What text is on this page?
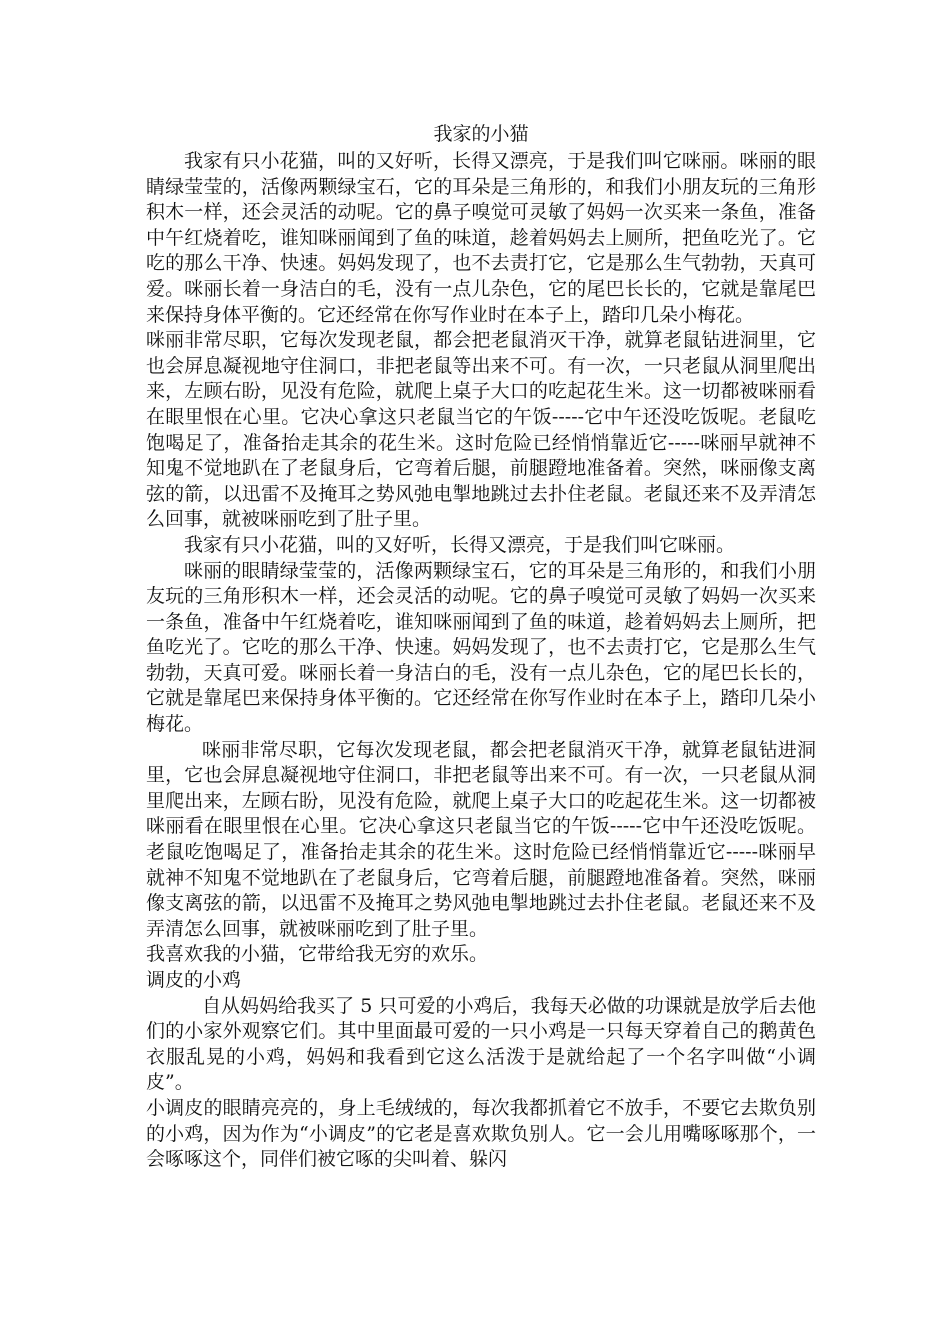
我家的小猫

我家有只小花猫，叫的又好听，长得又漂亮，于是我们叫它咪丽。咪丽的眼睛绿莹莹的，活像两颗绿宝石，它的耳朵是三角形的，和我们小朋友玩的三角形积木一样，还会灵活的动呢。它的鼻子嗅觉可灵敏了妈妈一次买来一条鱼，准备中午红烧着吃，谁知咪丽闻到了鱼的味道，趁着妈妈去上厕所，把鱼吃光了。它吃的那么干净、快速。妈妈发现了，也不去责打它，它是那么生气勃勃，天真可爱。咪丽长着一身洁白的毛，没有一点儿杂色，它的尾巴长长的，它就是靠尾巴来保持身体平衡的。它还经常在你写作业时在本子上，踏印几朵小梅花。

咪丽非常尽职，它每次发现老鼠，都会把老鼠消灭干净，就算老鼠钻进洞里，它也会屏息凝视地守住洞口，非把老鼠等出来不可。有一次，一只老鼠从洞里爬出来，左顾右盼，见没有危险，就爬上桌子大口的吃起花生米。这一切都被咪丽看在眼里恨在心里。它决心拿这只老鼠当它的午饭-----它中午还没吃饭呢。老鼠吃饱喝足了，准备抬走其余的花生米。这时危险已经悄悄靠近它-----咪丽早就神不知鬼不觉地趴在了老鼠身后，它弯着后腿，前腿蹬地准备着。突然，咪丽像支离弦的箭，以迅雷不及掩耳之势风弛电掣地跳过去扑住老鼠。老鼠还来不及弄清怎么回事，就被咪丽吃到了肚子里。

我家有只小花猫，叫的又好听，长得又漂亮，于是我们叫它咪丽。

咪丽的眼睛绿莹莹的，活像两颗绿宝石，它的耳朵是三角形的，和我们小朋友玩的三角形积木一样，还会灵活的动呢。它的鼻子嗅觉可灵敏了妈妈一次买来一条鱼，准备中午红烧着吃，谁知咪丽闻到了鱼的味道，趁着妈妈去上厕所，把鱼吃光了。它吃的那么干净、快速。妈妈发现了，也不去责打它，它是那么生气勃勃，天真可爱。咪丽长着一身洁白的毛，没有一点儿杂色，它的尾巴长长的，它就是靠尾巴来保持身体平衡的。它还经常在你写作业时在本子上，踏印几朵小梅花。

咪丽非常尽职，它每次发现老鼠，都会把老鼠消灭干净，就算老鼠钻进洞里，它也会屏息凝视地守住洞口，非把老鼠等出来不可。有一次，一只老鼠从洞里爬出来，左顾右盼，见没有危险，就爬上桌子大口的吃起花生米。这一切都被咪丽看在眼里恨在心里。它决心拿这只老鼠当它的午饭-----它中午还没吃饭呢。老鼠吃饱喝足了，准备抬走其余的花生米。这时危险已经悄悄靠近它-----咪丽早就神不知鬼不觉地趴在了老鼠身后，它弯着后腿，前腿蹬地准备着。突然，咪丽像支离弦的箭，以迅雷不及掩耳之势风弛电掣地跳过去扑住老鼠。老鼠还来不及弄清怎么回事，就被咪丽吃到了肚子里。

我喜欢我的小猫，它带给我无穷的欢乐。

调皮的小鸡

自从妈妈给我买了 5 只可爱的小鸡后，我每天必做的功课就是放学后去他们的小家外观察它们。其中里面最可爱的一只小鸡是一只每天穿着自己的鹅黄色衣服乱晃的小鸡，妈妈和我看到它这么活泼于是就给起了一个名字叫做“小调皮”。

小调皮的眼睛亮亮的，身上毛绒绒的，每次我都抓着它不放手，不要它去欺负别的小鸡，因为作为“小调皮”的它老是喜欢欺负别人。它一会儿用嘴啄啄那个，一会啄啄这个，同伴们被它啄的尖叫着、躲闪
